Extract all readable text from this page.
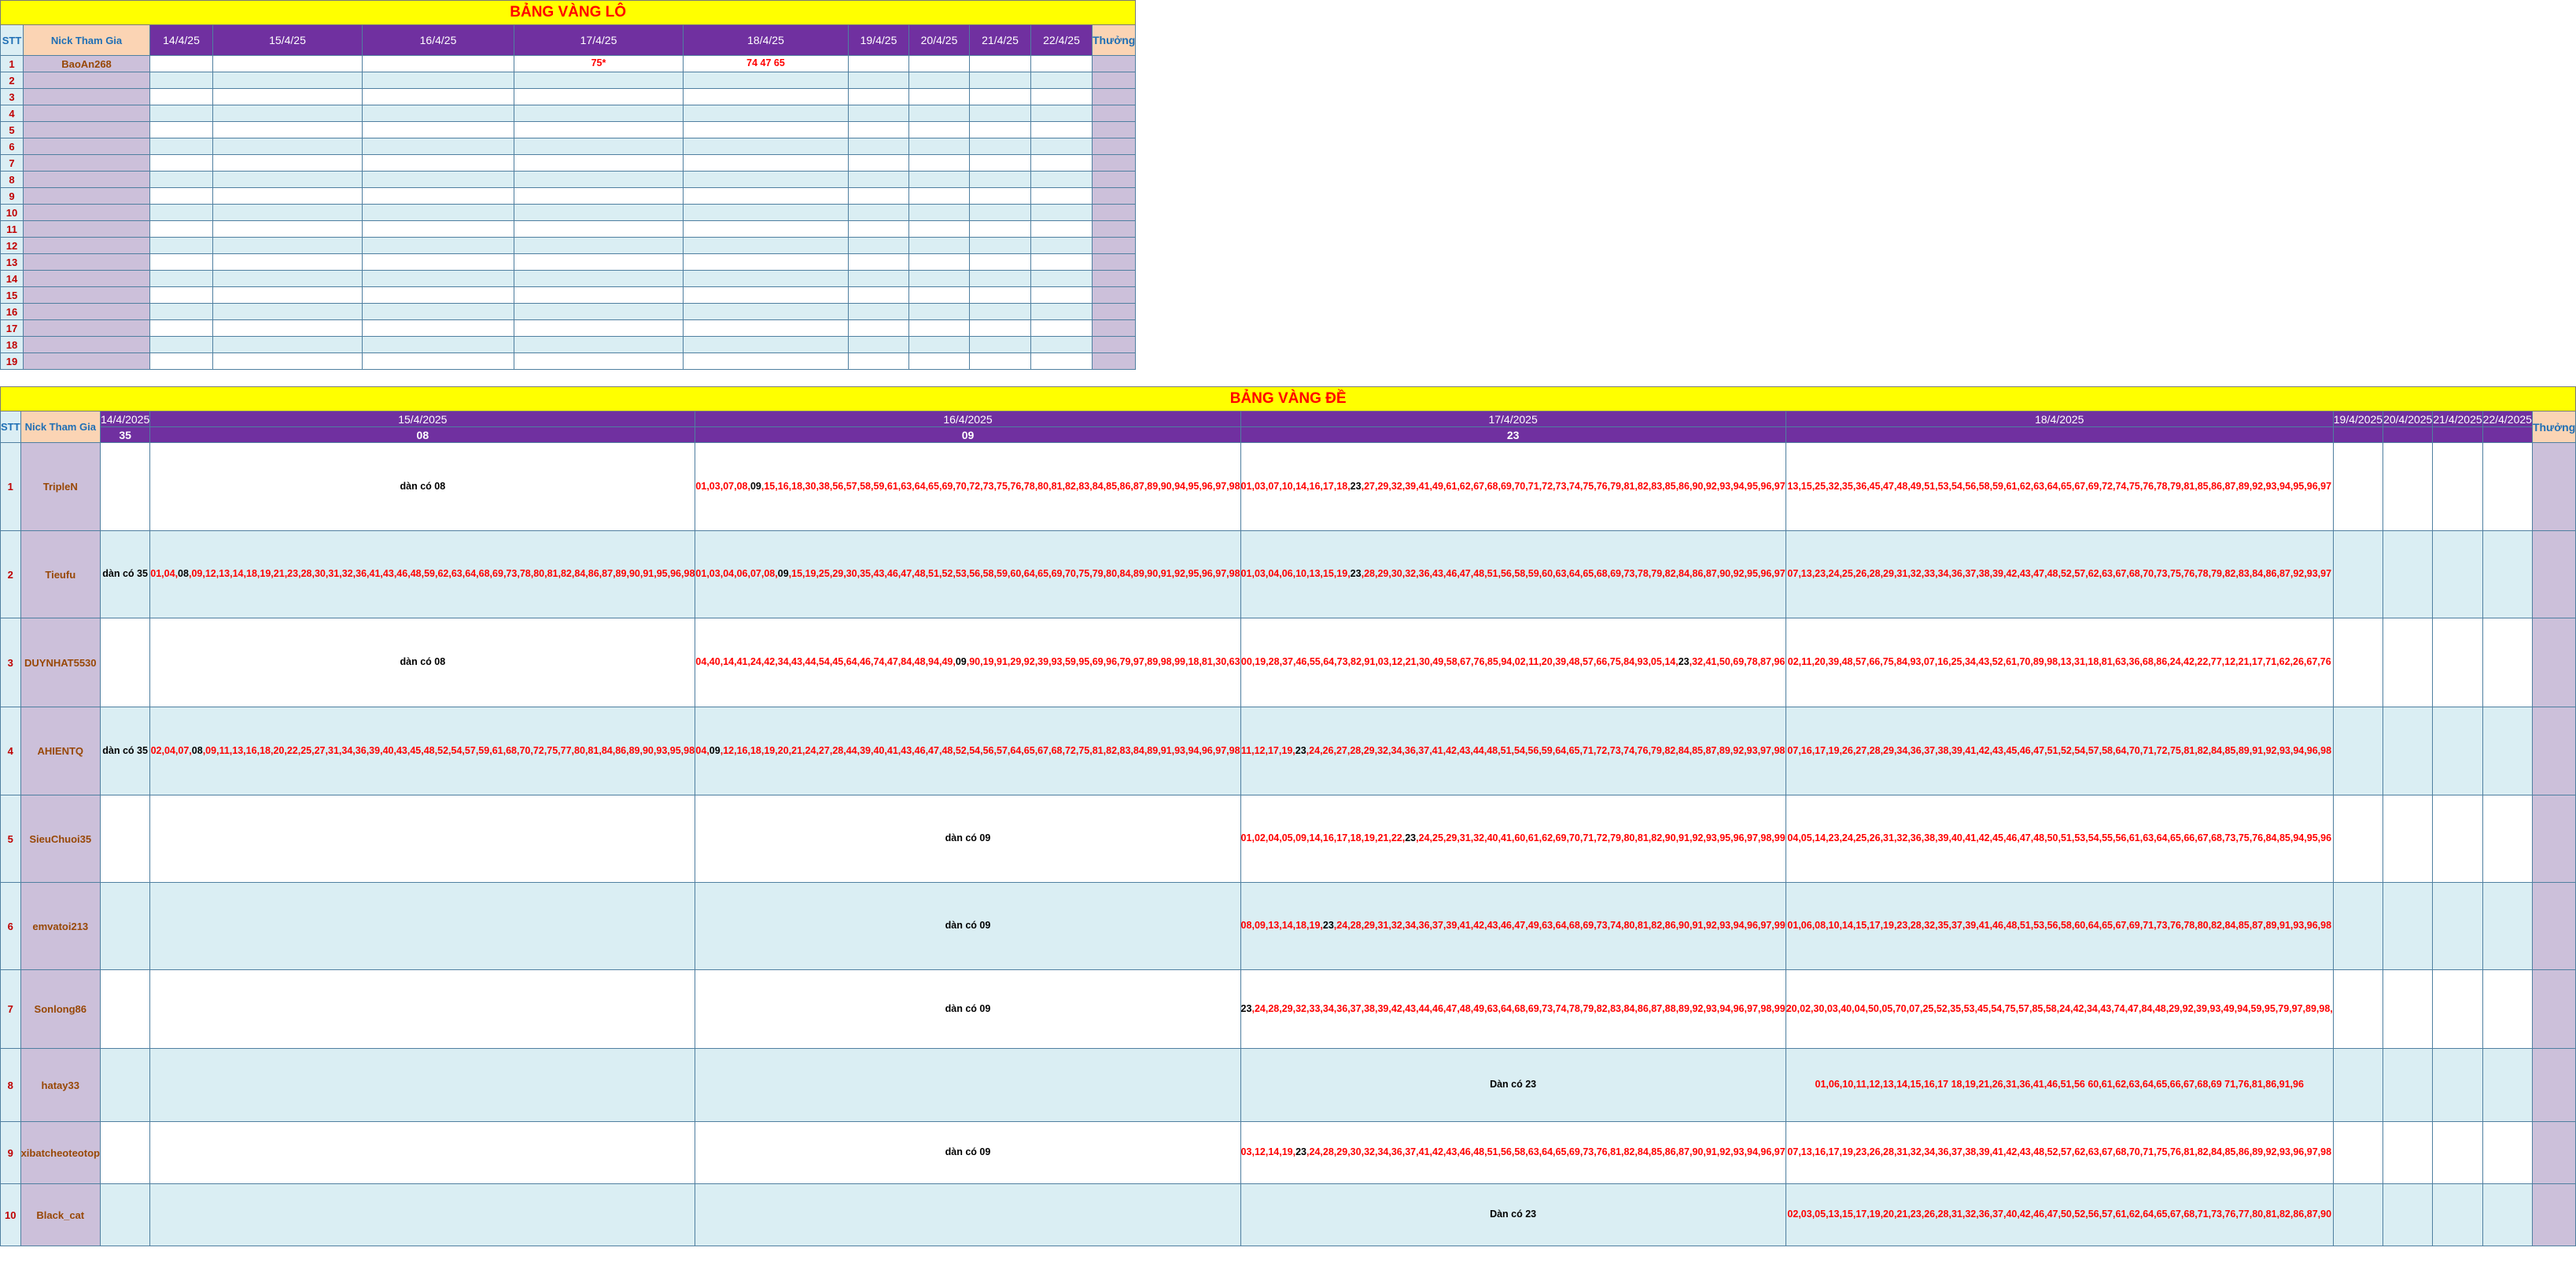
BẢNG VÀNG LÔ											
STT	Nick Tham Gia	14/4/25	15/4/25	16/4/25	17/4/25	18/4/25	19/4/25	20/4/25	21/4/25	22/4/25	Thưởng
1	BaoAn268				75*	74 47 65					
2											
3											
4											
5											
6											
7											
8											
9											
10											
11											
12											
13											
14											
15											
16											
17											
18											
19											
BẢNG VÀNG ĐỀ											
STT	Nick Tham Gia	14/4/2025	15/4/2025	16/4/2025	17/4/2025	18/4/2025	19/4/2025	20/4/2025	21/4/2025	22/4/2025	Thưởng
		35	08	09	23						
1	TripleN		dàn có 08	01,03,07,08,09,15,16,18,30,38,56,57,58,59,61,63,64,65,69,70,72,73,75,76,78,80,81,82,83,84,85,86,87,89,90,94,95,96,97,98	01,03,07,10,14,16,17,18,23,27,29,32,39,41,49,61,62,67,68,69,70,71,72,73,74,75,76,79,81,82,83,85,86,90,92,93,94,95,96,97	13,15,25,32,35,36,45,47,48,49,51,53,54,56,58,59,61,62,63,64,65,67,69,72,74,75,76,78,79,81,85,86,87,89,92,93,94,95,96,97					
2	Tieufu	dàn có 35	01,04,08,09,12,13,14,18,19,21,23,28,30,31,32,36,41,43,46,48,59,62,63,64,68,69,73,78,80,81,82,84,86,87,89,90,91,95,96,98	01,03,04,06,07,08,09,15,19,25,29,30,35,43,46,47,48,51,52,53,56,58,59,60,64,65,69,70,75,79,80,84,89,90,91,92,95,96,97,98	01,03,04,06,10,13,15,19,23,28,29,30,32,36,43,46,47,48,51,56,58,59,60,63,64,65,68,69,73,78,79,82,84,86,87,90,92,95,96,97	07,13,23,24,25,26,28,29,31,32,33,34,36,37,38,39,42,43,47,48,52,57,62,63,67,68,70,73,75,76,78,79,82,83,84,86,87,92,93,97					
3	DUYNHAT5530		dàn có 08	04,40,14,41,24,42,34,43,44,54,45,64,46,74,47,84,48,94,49,09,90,19,91,29,92,39,93,59,95,69,96,79,97,89,98,99,18,81,30,63	00,19,28,37,46,55,64,73,82,91,03,12,21,30,49,58,67,76,85,94,02,11,20,39,48,57,66,75,84,93,05,14,23,32,41,50,69,78,87,96	02,11,20,39,48,57,66,75,84,93,07,16,25,34,43,52,61,70,89,98,13,31,18,81,63,36,68,86,24,42,22,77,12,21,17,71,62,26,67,76					
4	AHIENTQ	dàn có 35	02,04,07,08,09,11,13,16,18,20,22,25,27,31,34,36,39,40,43,45,48,52,54,57,59,61,68,70,72,75,77,80,81,84,86,89,90,93,95,98	04,09,12,16,18,19,20,21,24,27,28,44,39,40,41,43,46,47,48,52,54,56,57,64,65,67,68,72,75,81,82,83,84,89,91,93,94,96,97,98	11,12,17,19,23,24,26,27,28,29,32,34,36,37,41,42,43,44,48,51,54,56,59,64,65,71,72,73,74,76,79,82,84,85,87,89,92,93,97,98	07,16,17,19,26,27,28,29,34,36,37,38,39,41,42,43,45,46,47,51,52,54,57,58,64,70,71,72,75,81,82,84,85,89,91,92,93,94,96,98					
5	SieuChuoi35			dàn có 09	01,02,04,05,09,14,16,17,18,19,21,22,23,24,25,29,31,32,40,41,60,61,62,69,70,71,72,79,80,81,82,90,91,92,93,95,96,97,98,99	04,05,14,23,24,25,26,31,32,36,38,39,40,41,42,45,46,47,48,50,51,53,54,55,56,61,63,64,65,66,67,68,73,75,76,84,85,94,95,96					
6	emvatoi213			dàn có 09	08,09,13,14,18,19,23,24,28,29,31,32,34,36,37,39,41,42,43,46,47,49,63,64,68,69,73,74,80,81,82,86,90,91,92,93,94,96,97,99	01,06,08,10,14,15,17,19,23,28,32,35,37,39,41,46,48,51,53,56,58,60,64,65,67,69,71,73,76,78,80,82,84,85,87,89,91,93,96,98					
7	Sonlong86			dàn có 09	23,24,28,29,32,33,34,36,37,38,39,42,43,44,46,47,48,49,63,64,68,69,73,74,78,79,82,83,84,86,87,88,89,92,93,94,96,97,98,99	20,02,30,03,40,04,50,05,70,07,25,52,35,53,45,54,75,57,85,58,24,42,34,43,74,47,84,48,29,92,39,93,49,94,59,95,79,97,89,98,					
8	hatay33				Dàn có 23	01,06,10,11,12,13,14,15,16,17 18,19,21,26,31,36,41,46,51,56 60,61,62,63,64,65,66,67,68,69 71,76,81,86,91,96					
9	xibatcheoteotop			dàn có 09	03,12,14,19,23,24,28,29,30,32,34,36,37,41,42,43,46,48,51,56,58,63,64,65,69,73,76,81,82,84,85,86,87,90,91,92,93,94,96,97	07,13,16,17,19,23,26,28,31,32,34,36,37,38,39,41,42,43,48,52,57,62,63,67,68,70,71,75,76,81,82,84,85,86,89,92,93,96,97,98					
10	Black_cat				Dàn có 23	02,03,05,13,15,17,19,20,21,23,26,28,31,32,36,37,40,42,46,47,50,52,56,57,61,62,64,65,67,68,71,73,76,77,80,81,82,86,87,90					
